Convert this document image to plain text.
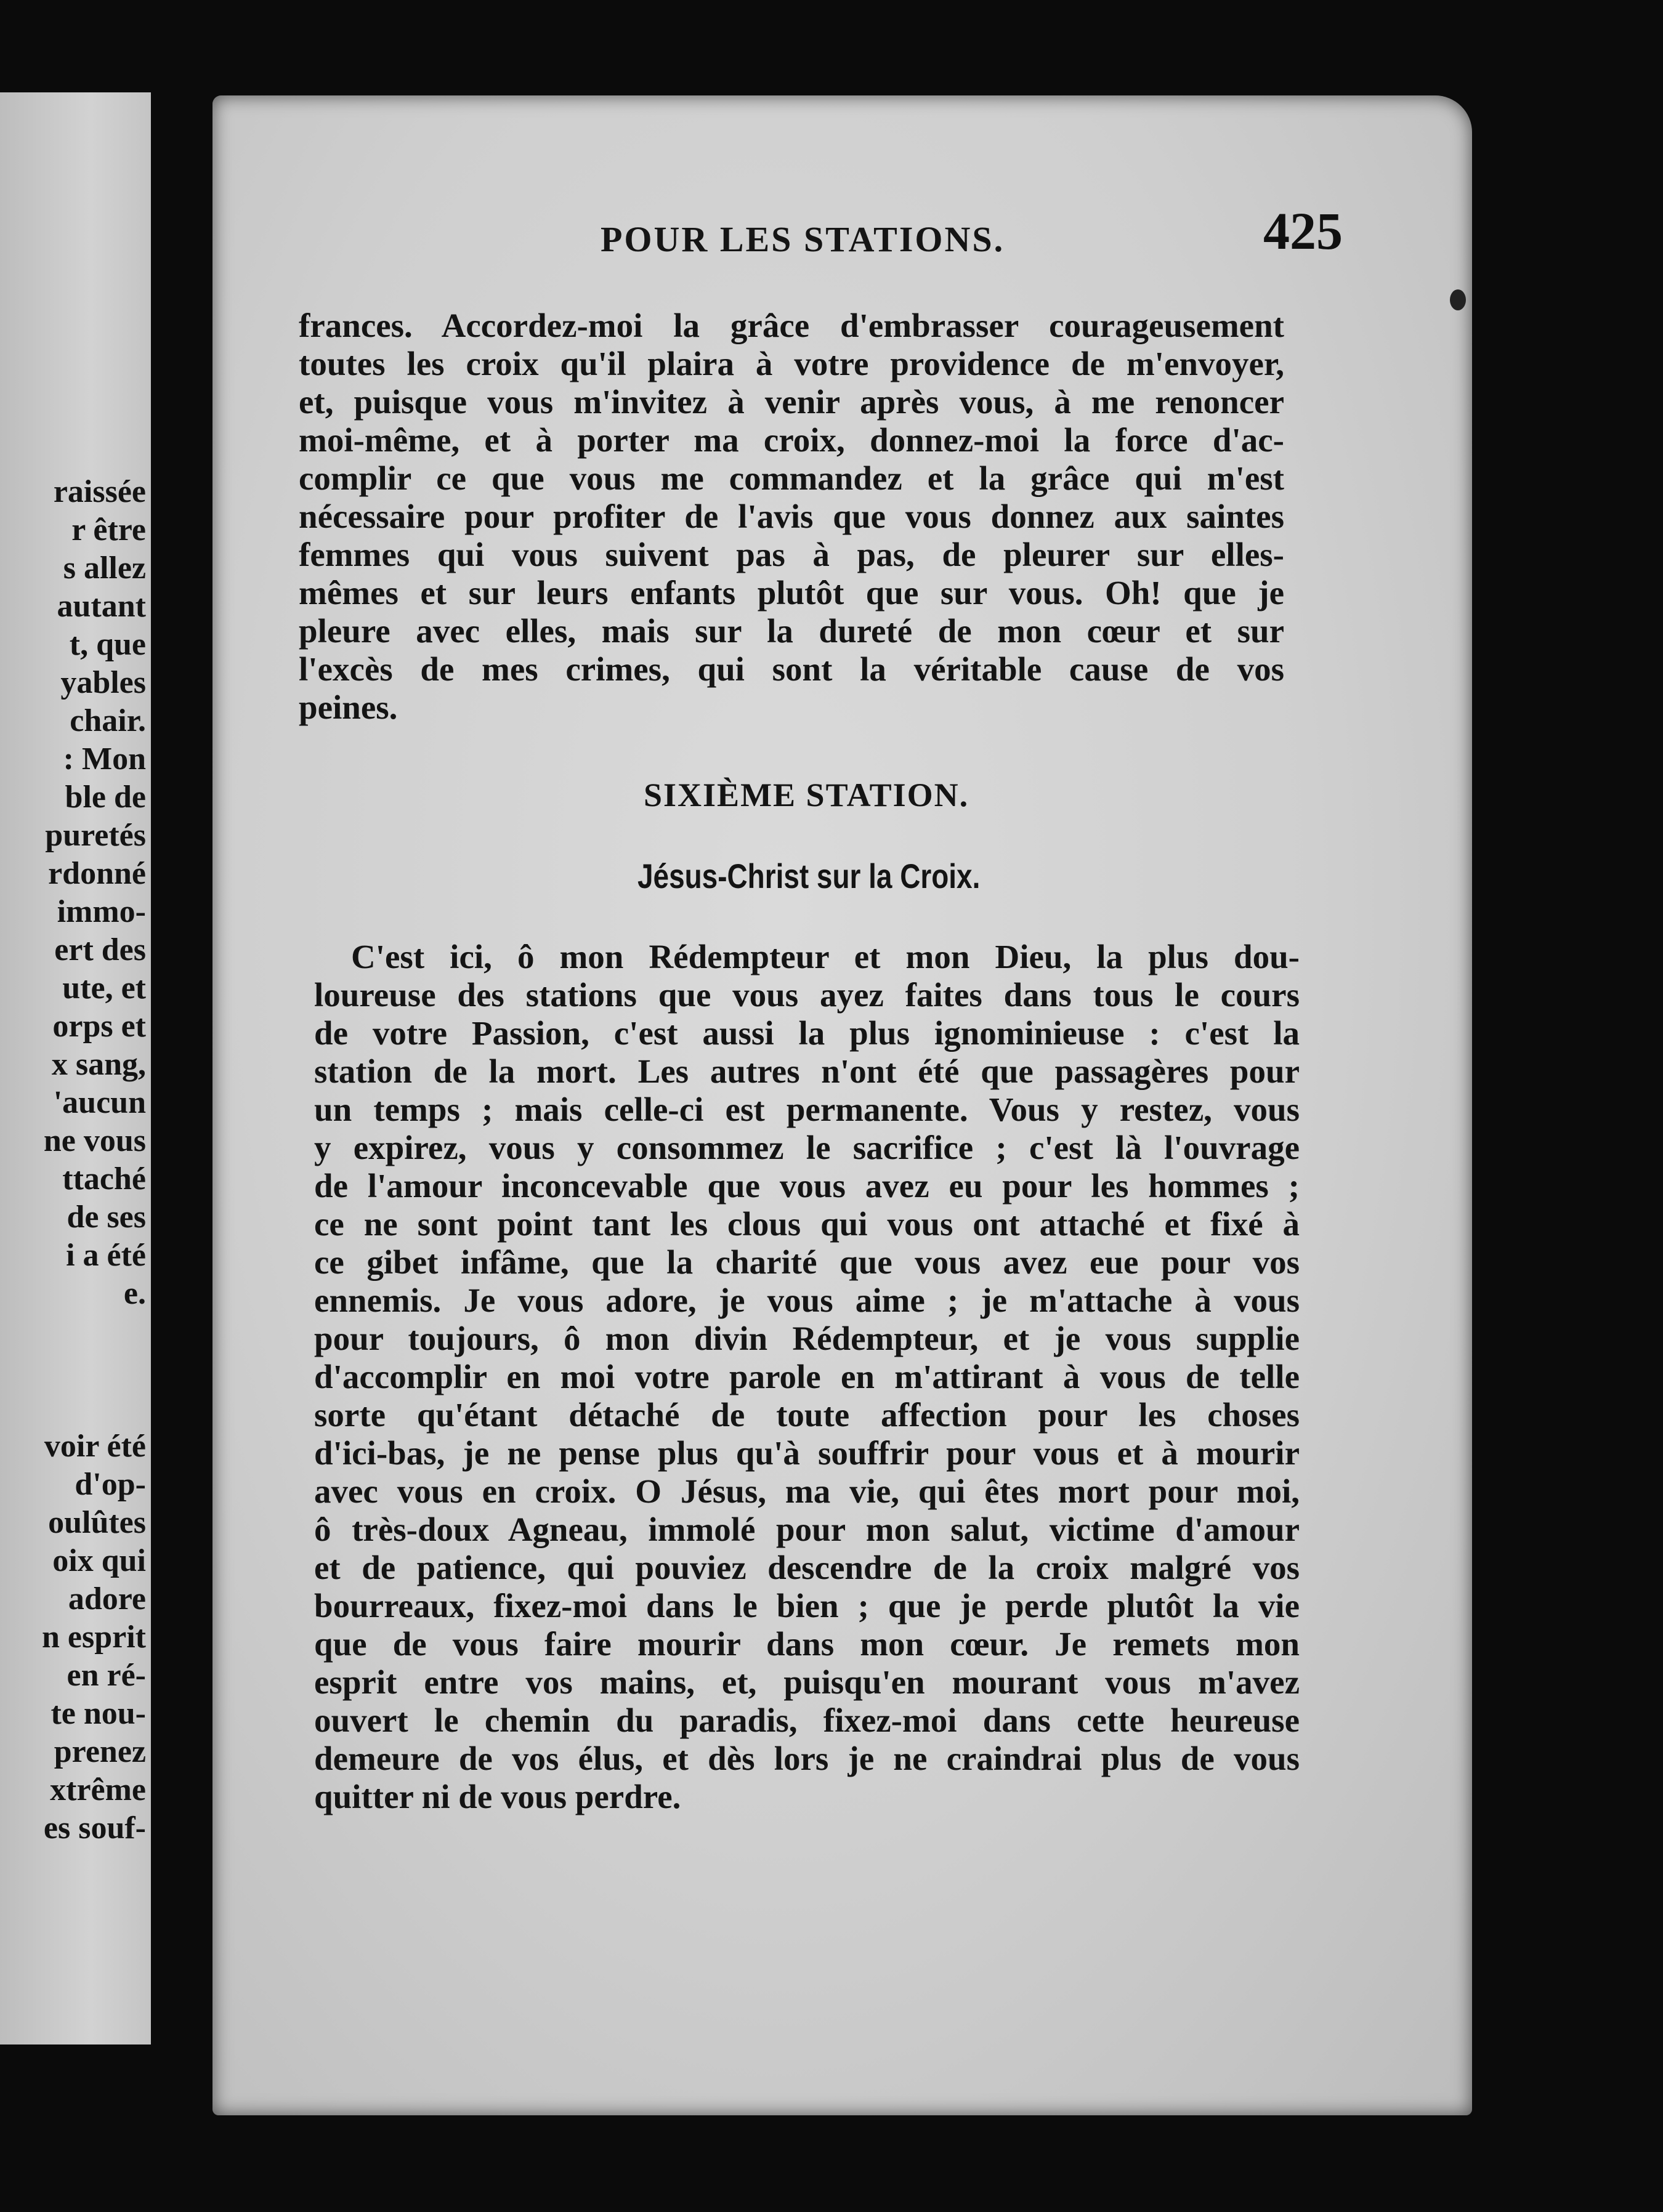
raissée
r être
s allez
autant
t, que
yables
chair.
: Mon
ble de
puretés
rdonné
immo-
ert des
ute, et
orps et
x sang,
'aucun
ne vous
ttaché
de ses
i a été
e.
voir été
d'op-
oulûtes
oix qui
adore
n esprit
en ré-
te nou-
prenez
xtrême
es souf-
POUR LES STATIONS.	425
SIXIÈME STATION.
Jésus-Christ sur la Croix.
frances. Accordez-moi la grâce d'embrasser courageusement
toutes les croix qu'il plaira à votre providence de m'envoyer,
et, puisque vous m'invitez à venir après vous, à me renoncer
moi-même, et à porter ma croix, donnez-moi la force d'ac-
complir ce que vous me commandez et la grâce qui m'est
nécessaire pour profiter de l'avis que vous donnez aux saintes
femmes qui vous suivent pas à pas, de pleurer sur elles-
mêmes et sur leurs enfants plutôt que sur vous. Oh! que je
pleure avec elles, mais sur la dureté de mon cœur et sur
l'excès de mes crimes, qui sont la véritable cause de vos
peines.
C'est ici, ô mon Rédempteur et mon Dieu, la plus dou-
loureuse des stations que vous ayez faites dans tous le cours
de votre Passion, c'est aussi la plus ignominieuse : c'est la
station de la mort. Les autres n'ont été que passagères pour
un temps ; mais celle-ci est permanente. Vous y restez, vous
y expirez, vous y consommez le sacrifice ; c'est là l'ouvrage
de l'amour inconcevable que vous avez eu pour les hommes ;
ce ne sont point tant les clous qui vous ont attaché et fixé à
ce gibet infâme, que la charité que vous avez eue pour vos
ennemis. Je vous adore, je vous aime ; je m'attache à vous
pour toujours, ô mon divin Rédempteur, et je vous supplie
d'accomplir en moi votre parole en m'attirant à vous de telle
sorte qu'étant détaché de toute affection pour les choses
d'ici-bas, je ne pense plus qu'à souffrir pour vous et à mourir
avec vous en croix. O Jésus, ma vie, qui êtes mort pour moi,
ô très-doux Agneau, immolé pour mon salut, victime d'amour
et de patience, qui pouviez descendre de la croix malgré vos
bourreaux, fixez-moi dans le bien ; que je perde plutôt la vie
que de vous faire mourir dans mon cœur. Je remets mon
esprit entre vos mains, et, puisqu'en mourant vous m'avez
ouvert le chemin du paradis, fixez-moi dans cette heureuse
demeure de vos élus, et dès lors je ne craindrai plus de vous
quitter ni de vous perdre.
